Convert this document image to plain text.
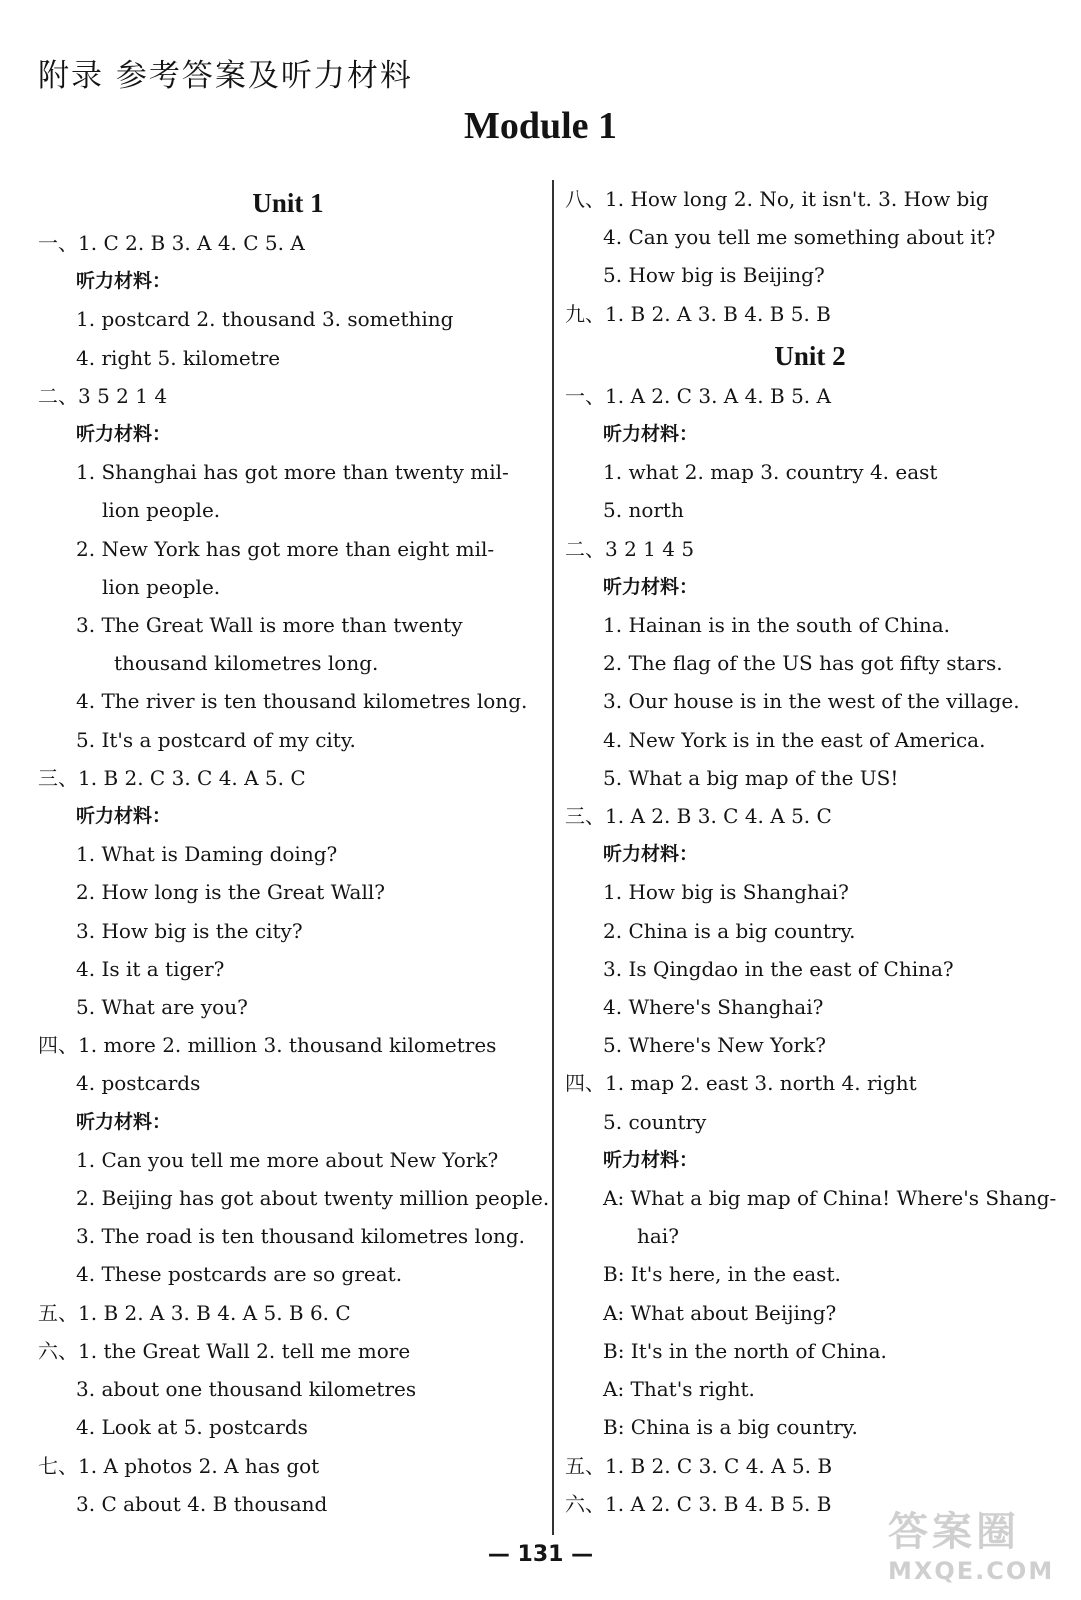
附录 参考答案及听力材料
Module 1
Unit 1
一、1. C 2. B 3. A 4. C 5. A
听力材料：
1. postcard 2. thousand 3. something
4. right 5. kilometre
二、3 5 2 1 4
听力材料：
1. Shanghai has got more than twenty mil-
lion people.
2. New York has got more than eight mil-
lion people.
3. The Great Wall is more than twenty
thousand kilometres long.
4. The river is ten thousand kilometres long.
5. It's a postcard of my city.
三、1. B 2. C 3. C 4. A 5. C
听力材料：
1. What is Daming doing?
2. How long is the Great Wall?
3. How big is the city?
4. Is it a tiger?
5. What are you?
四、1. more 2. million 3. thousand kilometres
4. postcards
听力材料：
1. Can you tell me more about New York?
2. Beijing has got about twenty million people.
3. The road is ten thousand kilometres long.
4. These postcards are so great.
五、1. B 2. A 3. B 4. A 5. B 6. C
六、1. the Great Wall 2. tell me more
3. about one thousand kilometres
4. Look at 5. postcards
七、1. A photos 2. A has got
3. C about 4. B thousand
八、1. How long 2. No, it isn't. 3. How big
4. Can you tell me something about it?
5. How big is Beijing?
九、1. B 2. A 3. B 4. B 5. B
Unit 2
一、1. A 2. C 3. A 4. B 5. A
听力材料：
1. what 2. map 3. country 4. east
5. north
二、3 2 1 4 5
听力材料：
1. Hainan is in the south of China.
2. The flag of the US has got fifty stars.
3. Our house is in the west of the village.
4. New York is in the east of America.
5. What a big map of the US!
三、1. A 2. B 3. C 4. A 5. C
听力材料：
1. How big is Shanghai?
2. China is a big country.
3. Is Qingdao in the east of China?
4. Where's Shanghai?
5. Where's New York?
四、1. map 2. east 3. north 4. right
5. country
听力材料：
A: What a big map of China! Where's Shang-
hai?
B: It's here, in the east.
A: What about Beijing?
B: It's in the north of China.
A: That's right.
B: China is a big country.
五、1. B 2. C 3. C 4. A 5. B
六、1. A 2. C 3. B 4. B 5. B
— 131 —	答案圈
MXQE.COM
